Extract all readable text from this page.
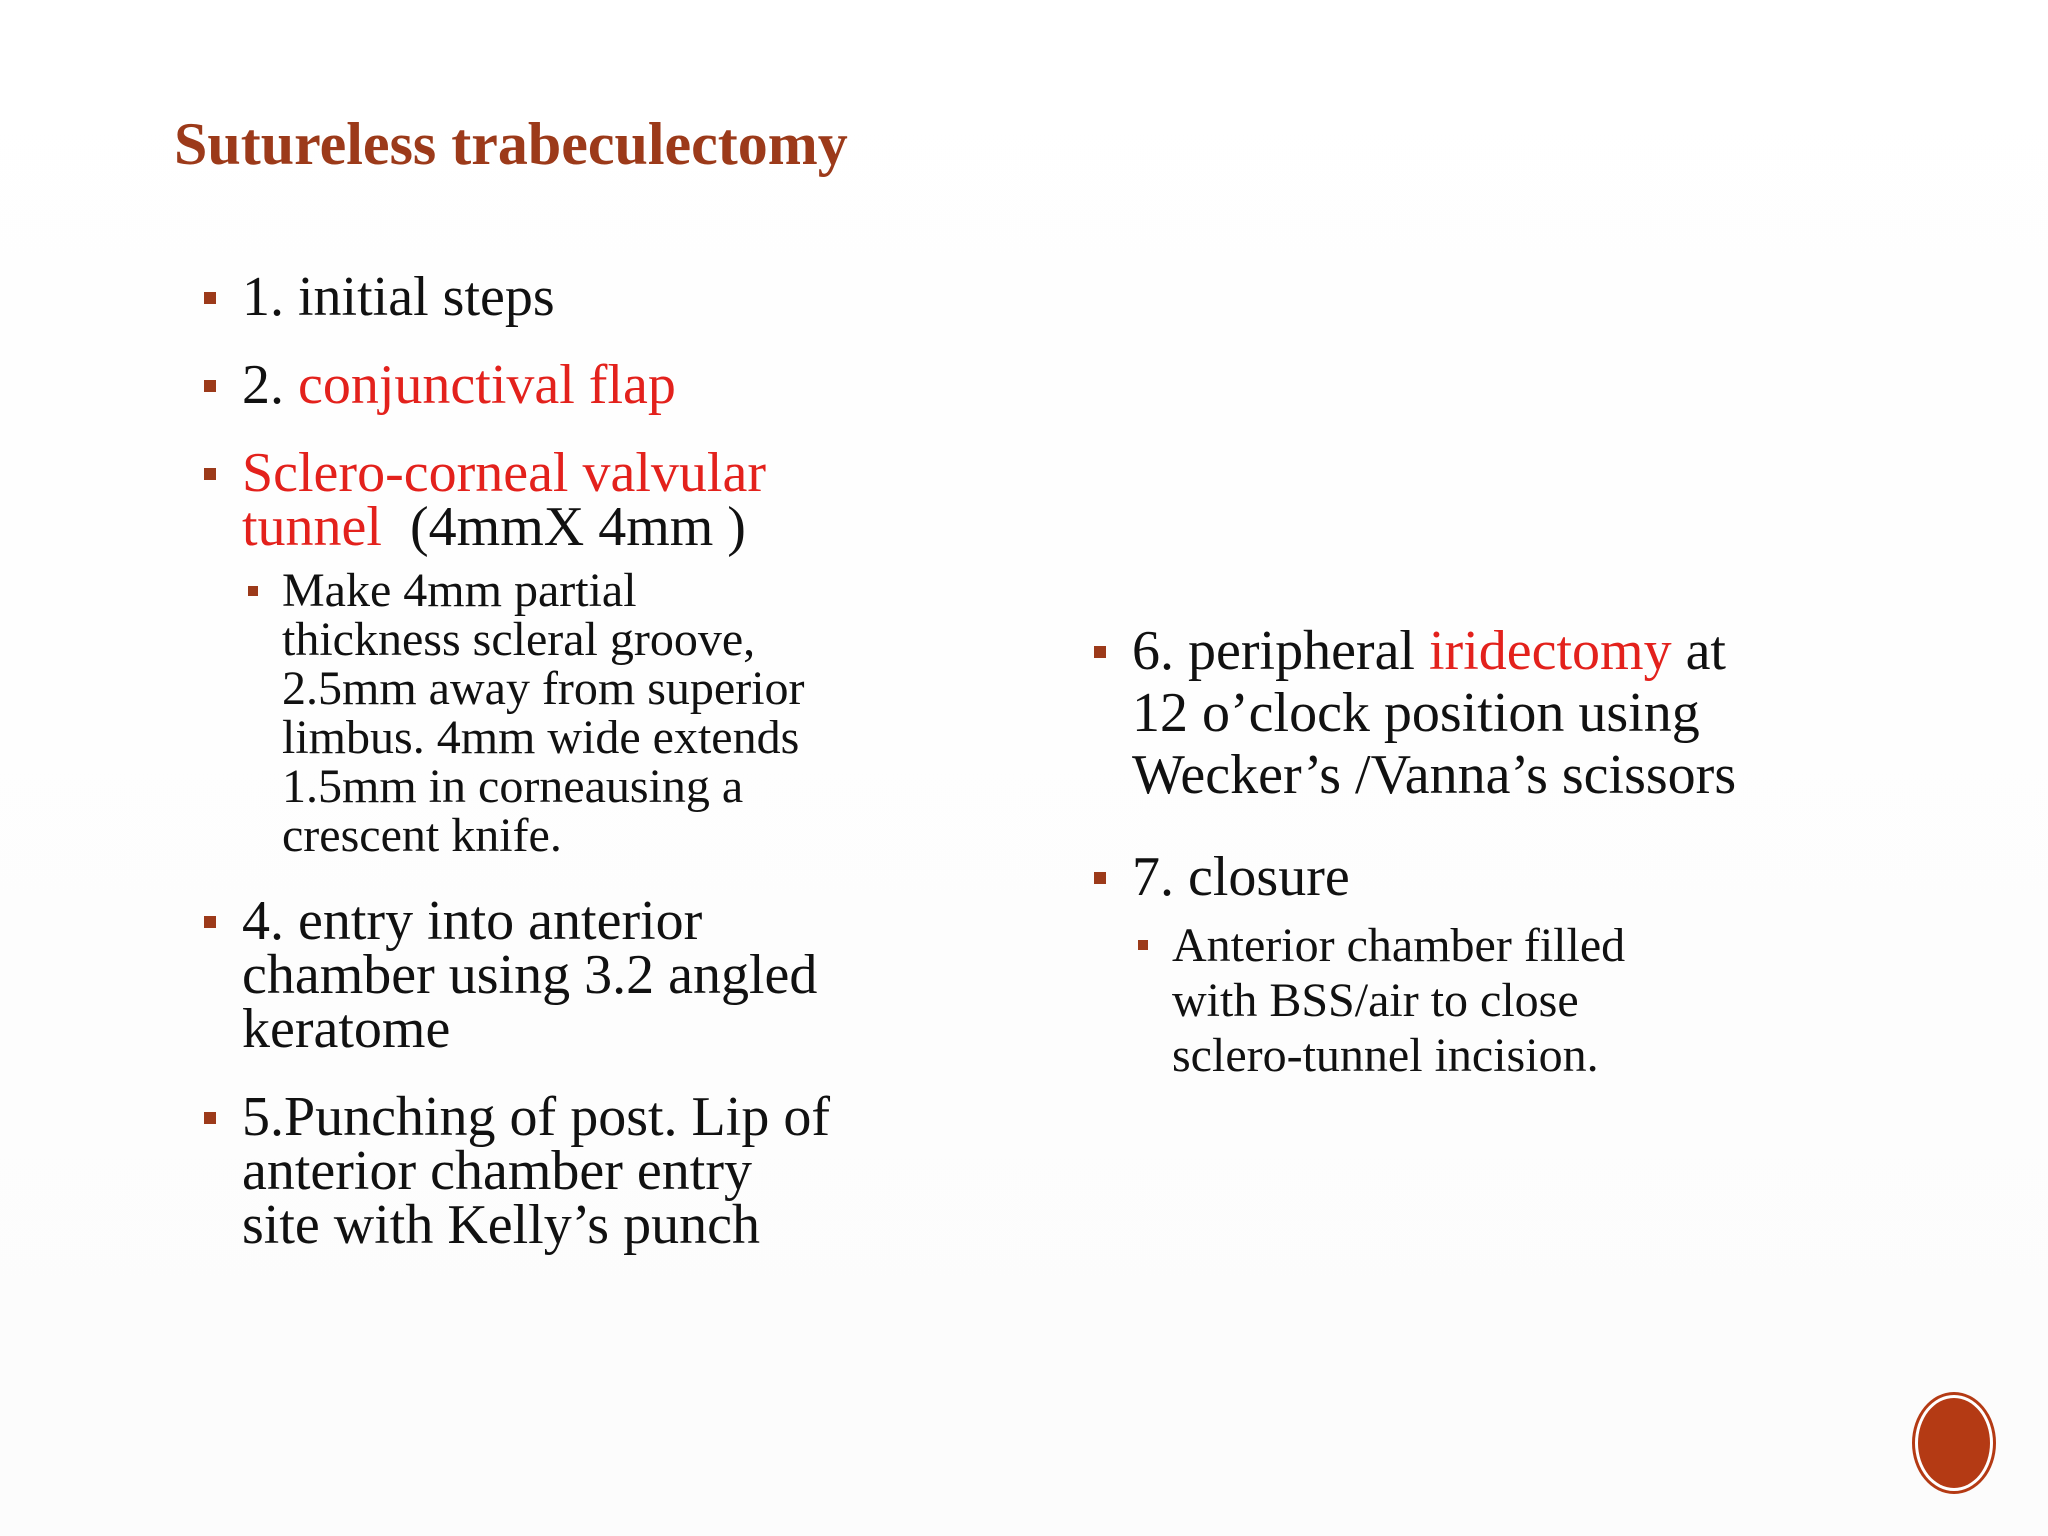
Sutureless trabeculectomy
1. initial steps
2. conjunctival flap
Sclero-corneal valvular
tunnel  (4mmX 4mm )
Make 4mm partial
thickness scleral groove,
2.5mm away from superior
limbus. 4mm wide extends
1.5mm in corneausing a
crescent knife.
4. entry into anterior
chamber using 3.2 angled
keratome
5.Punching of post. Lip of
anterior chamber entry
site with Kelly’s punch
6. peripheral iridectomy at
12 o’clock position using
Wecker’s /Vanna’s scissors
7. closure
Anterior chamber filled
with BSS/air to close
sclero-tunnel incision.
